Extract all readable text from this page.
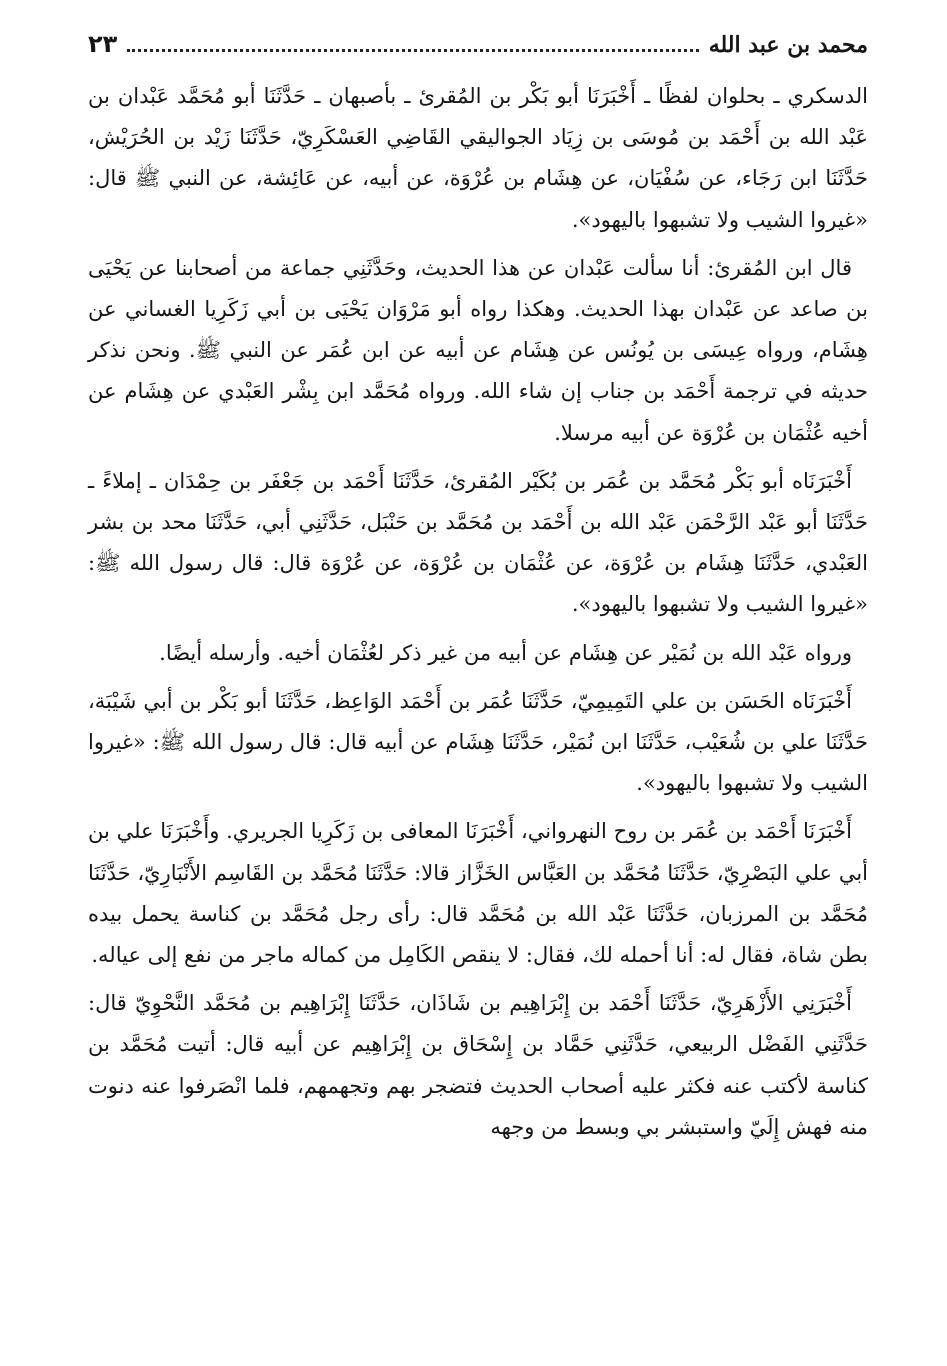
محمد بن عبد الله
٢٣

الدسكري ـ بحلوان لفظًا ـ أَخْبَرَنَا أبو بَكْر بن المُقرئ ـ بأصبهان ـ حَدَّثَنَا أبو مُحَمَّد عَبْدان بن عَبْد الله بن أَحْمَد بن مُوسَى بن زِيَاد الجواليقي القَاضِي العَسْكَرِيّ، حَدَّثَنَا زَيْد بن الحُرَيْش، حَدَّثَنَا ابن رَجَاء، عن سُفْيَان، عن هِشَام بن عُرْوَة، عن أبيه، عن عَائِشة، عن النبي ﷺ قال: «غيروا الشيب ولا تشبهوا باليهود».

قال ابن المُقرئ: أنا سألت عَبْدان عن هذا الحديث، وحَدَّثَنِي جماعة من أصحابنا عن يَحْيَى بن صاعد عن عَبْدان بهذا الحديث. وهكذا رواه أبو مَرْوَان يَحْيَى بن أبي زَكَرِيا الغساني عن هِشَام، ورواه عِيسَى بن يُونُس عن هِشَام عن أبيه عن ابن عُمَر عن النبي ﷺ. ونحن نذكر حديثه في ترجمة أَحْمَد بن جناب إن شاء الله. ورواه مُحَمَّد ابن بِشْر العَبْدي عن هِشَام عن أخيه عُثْمَان بن عُرْوَة عن أبيه مرسلا.

أَخْبَرَنَاه أبو بَكْر مُحَمَّد بن عُمَر بن بُكَيْر المُقرئ، حَدَّثَنَا أَحْمَد بن جَعْفَر بن حِمْدَان ـ إملاءً ـ حَدَّثَنَا أبو عَبْد الرَّحْمَن عَبْد الله بن أَحْمَد بن مُحَمَّد بن حَنْبَل، حَدَّثَنِي أبي، حَدَّثَنَا محد بن بشر العَبْدي، حَدَّثَنَا هِشَام بن عُرْوَة، عن عُثْمَان بن عُرْوَة، عن عُرْوَة قال: قال رسول الله ﷺ: «غيروا الشيب ولا تشبهوا باليهود».

ورواه عَبْد الله بن نُمَيْر عن هِشَام عن أبيه من غير ذكر لعُثْمَان أخيه. وأرسله أيضًا.

أَخْبَرَنَاه الحَسَن بن علي التَمِيمِيّ، حَدَّثَنَا عُمَر بن أَحْمَد الوَاعِظ، حَدَّثَنَا أبو بَكْر بن أبي شَيْبَة، حَدَّثَنَا علي بن شُعَيْب، حَدَّثَنَا ابن نُمَيْر، حَدَّثَنَا هِشَام عن أبيه قال: قال رسول الله ﷺ: «غيروا الشيب ولا تشبهوا باليهود».

أَخْبَرَنَا أَحْمَد بن عُمَر بن روح النهرواني، أَخْبَرَنَا المعافى بن زَكَرِيا الجريري. وأَخْبَرَنَا علي بن أبي علي البَصْرِيّ، حَدَّثَنَا مُحَمَّد بن العَبَّاس الخَزَّاز قالا: حَدَّثَنَا مُحَمَّد بن القَاسِم الأَنْبَارِيّ، حَدَّثَنَا مُحَمَّد بن المرزبان، حَدَّثَنَا عَبْد الله بن مُحَمَّد قال: رأى رجل مُحَمَّد بن كناسة يحمل بيده بطن شاة، فقال له: أنا أحمله لك، فقال: لا ينقص الكَامِل من كماله ماجر من نفع إلى عياله.

أَخْبَرَنِي الأَزْهَرِيّ، حَدَّثَنَا أَحْمَد بن إِبْرَاهِيم بن شَاذَان، حَدَّثَنَا إِبْرَاهِيم بن مُحَمَّد النَّحْوِيّ قال: حَدَّثَنِي الفَضْل الربيعي، حَدَّثَنِي حَمَّاد بن إِسْحَاق بن إِبْرَاهِيم عن أبيه قال: أتيت مُحَمَّد بن كناسة لأكتب عنه فكثر عليه أصحاب الحديث فتضجر بهم وتجهمهم، فلما انْصَرفوا عنه دنوت منه فهش إِلَيّ واستبشر بي وبسط من وجهه
